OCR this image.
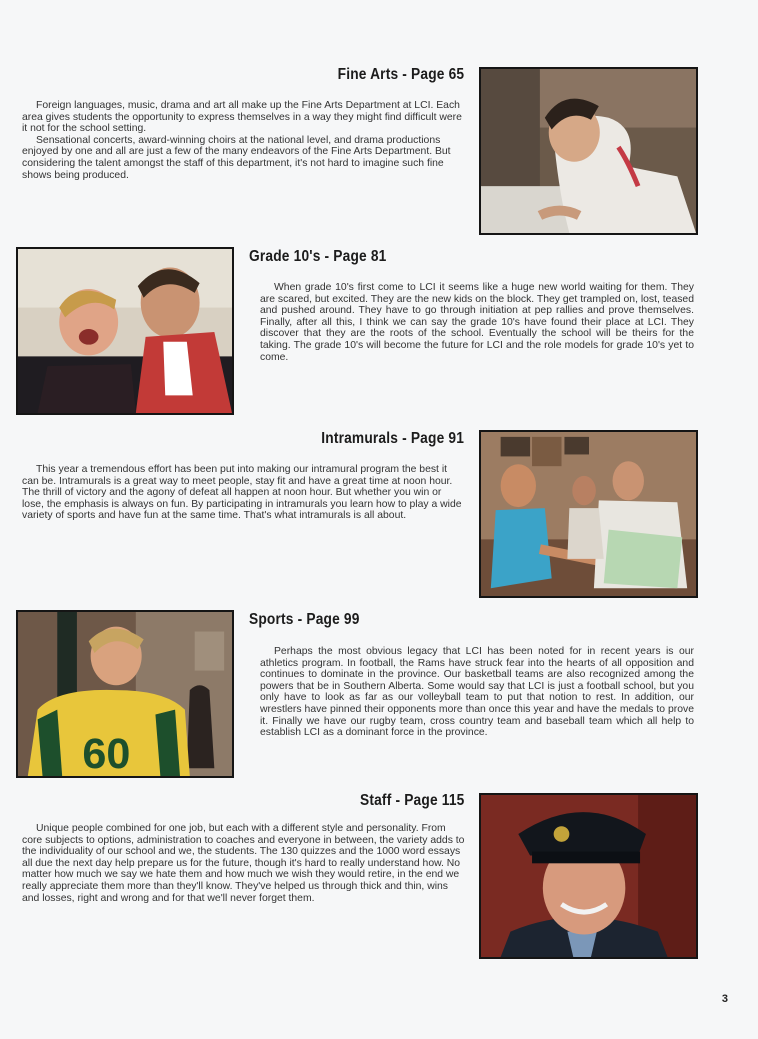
Fine Arts - Page 65

Foreign languages, music, drama and art all make up the Fine Arts Department at LCI. Each area gives students the opportunity to express themselves in a way they might find difficult were it not for the school setting.

Sensational concerts, award-winning choirs at the national level, and drama productions enjoyed by one and all are just a few of the many endeavors of the Fine Arts Department. But considering the talent amongst the staff of this department, it's not hard to imagine such fine shows being produced.

Grade 10's - Page 81

When grade 10's first come to LCI it seems like a huge new world waiting for them. They are scared, but excited. They are the new kids on the block. They get trampled on, lost, teased and pushed around. They have to go through initiation at pep rallies and prove themselves. Finally, after all this, I think we can say the grade 10's have found their place at LCI. They discover that they are the roots of the school. Eventually the school will be theirs for the taking. The grade 10's will become the future for LCI and the role models for grade 10's yet to come.

Intramurals - Page 91

This year a tremendous effort has been put into making our intramural program the best it can be. Intramurals is a great way to meet people, stay fit and have a great time at noon hour. The thrill of victory and the agony of defeat all happen at noon hour. But whether you win or lose, the emphasis is always on fun. By participating in intramurals you learn how to play a wide variety of sports and have fun at the same time. That's what intramurals is all about.

60
Sports - Page 99

Perhaps the most obvious legacy that LCI has been noted for in recent years is our athletics program. In football, the Rams have struck fear into the hearts of all opposition and continues to dominate in the province. Our basketball teams are also recognized among the powers that be in Southern Alberta. Some would say that LCI is just a football school, but you only have to look as far as our volleyball team to put that notion to rest. In addition, our wrestlers have pinned their opponents more than once this year and have the medals to prove it. Finally we have our rugby team, cross country team and baseball team which all help to establish LCI as a dominant force in the province.

Staff - Page 115

Unique people combined for one job, but each with a different style and personality. From core subjects to options, administration to coaches and everyone in between, the variety adds to the individuality of our school and we, the students. The 130 quizzes and the 1000 word essays all due the next day help prepare us for the future, though it's hard to really understand how. No matter how much we say we hate them and how much we wish they would retire, in the end we really appreciate them more than they'll know. They've helped us through thick and thin, wins and losses, right and wrong and for that we'll never forget them.

3
